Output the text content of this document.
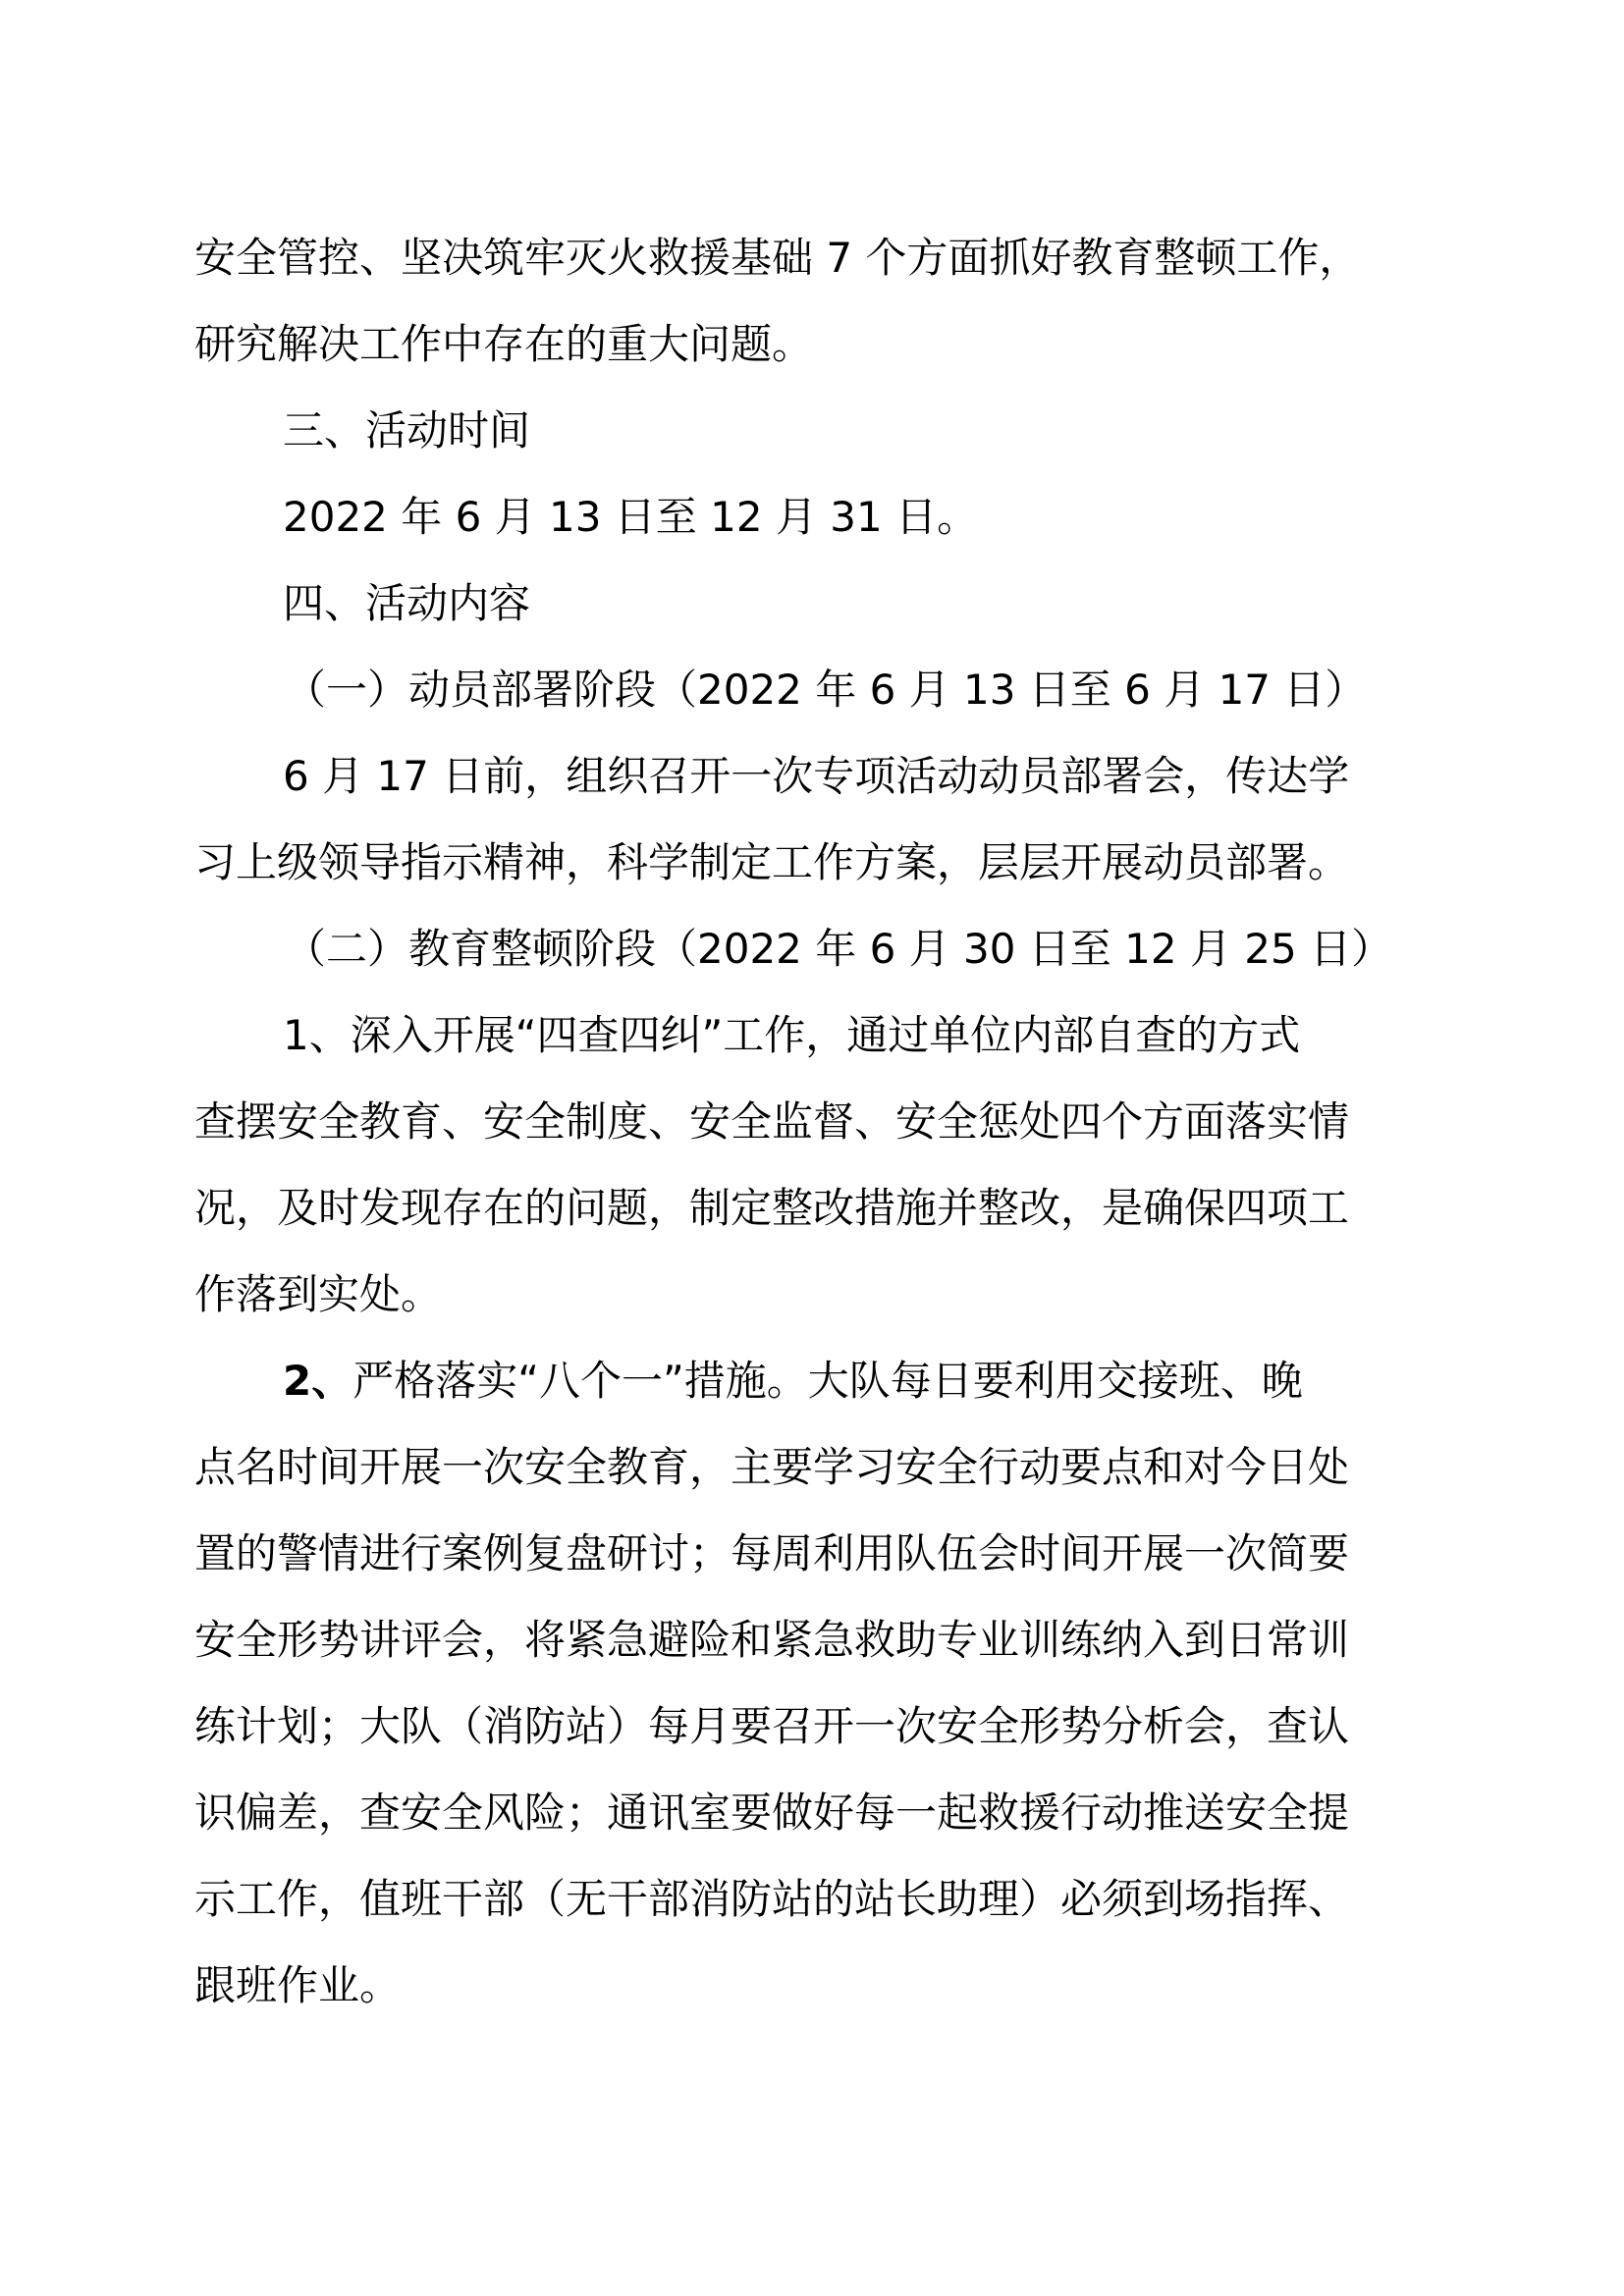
安全管控、坚决筑牢灭火救援基础 7 个方面抓好教育整顿工作，

研究解决工作中存在的重大问题。

三、活动时间

2022 年 6 月 13 日至 12 月 31 日。

四、活动内容

（一）动员部署阶段（2022 年 6 月 13 日至 6 月 17 日）

6 月 17 日前，组织召开一次专项活动动员部署会，传达学

习上级领导指示精神，科学制定工作方案，层层开展动员部署。

（二）教育整顿阶段（2022 年 6 月 30 日至 12 月 25 日）

1、深入开展“四查四纠”工作，通过单位内部自查的方式

查摆安全教育、安全制度、安全监督、安全惩处四个方面落实情

况，及时发现存在的问题，制定整改措施并整改，是确保四项工

作落到实处。

2、严格落实“八个一”措施。大队每日要利用交接班、晚

点名时间开展一次安全教育，主要学习安全行动要点和对今日处

置的警情进行案例复盘研讨；每周利用队伍会时间开展一次简要

安全形势讲评会，将紧急避险和紧急救助专业训练纳入到日常训

练计划；大队（消防站）每月要召开一次安全形势分析会，查认

识偏差，查安全风险；通讯室要做好每一起救援行动推送安全提

示工作，值班干部（无干部消防站的站长助理）必须到场指挥、

跟班作业。
